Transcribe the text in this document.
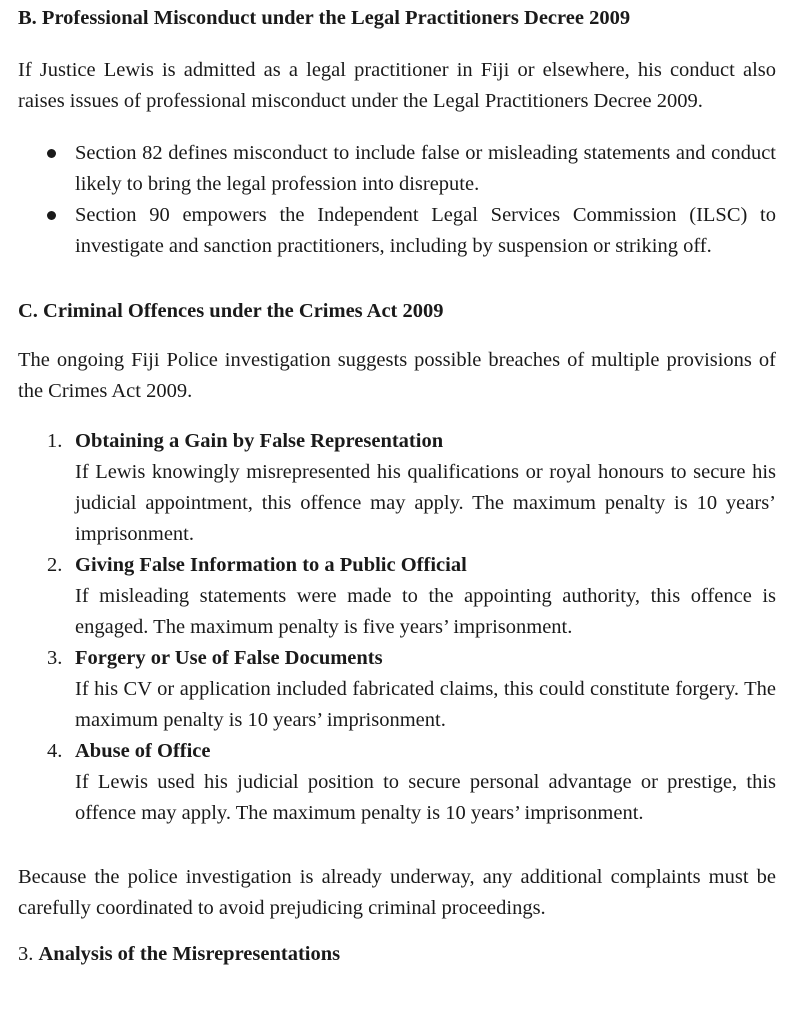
B. Professional Misconduct under the Legal Practitioners Decree 2009

If Justice Lewis is admitted as a legal practitioner in Fiji or elsewhere, his conduct also raises issues of professional misconduct under the Legal Practitioners Decree 2009.

Section 82 defines misconduct to include false or misleading statements and conduct likely to bring the legal profession into disrepute.
Section 90 empowers the Independent Legal Services Commission (ILSC) to investigate and sanction practitioners, including by suspension or striking off.

C. Criminal Offences under the Crimes Act 2009

The ongoing Fiji Police investigation suggests possible breaches of multiple provisions of the Crimes Act 2009.

1. Obtaining a Gain by False Representation
If Lewis knowingly misrepresented his qualifications or royal honours to secure his judicial appointment, this offence may apply. The maximum penalty is 10 years’ imprisonment.
2. Giving False Information to a Public Official
If misleading statements were made to the appointing authority, this offence is engaged. The maximum penalty is five years’ imprisonment.
3. Forgery or Use of False Documents
If his CV or application included fabricated claims, this could constitute forgery. The maximum penalty is 10 years’ imprisonment.
4. Abuse of Office
If Lewis used his judicial position to secure personal advantage or prestige, this offence may apply. The maximum penalty is 10 years’ imprisonment.

Because the police investigation is already underway, any additional complaints must be carefully coordinated to avoid prejudicing criminal proceedings.

3. Analysis of the Misrepresentations
